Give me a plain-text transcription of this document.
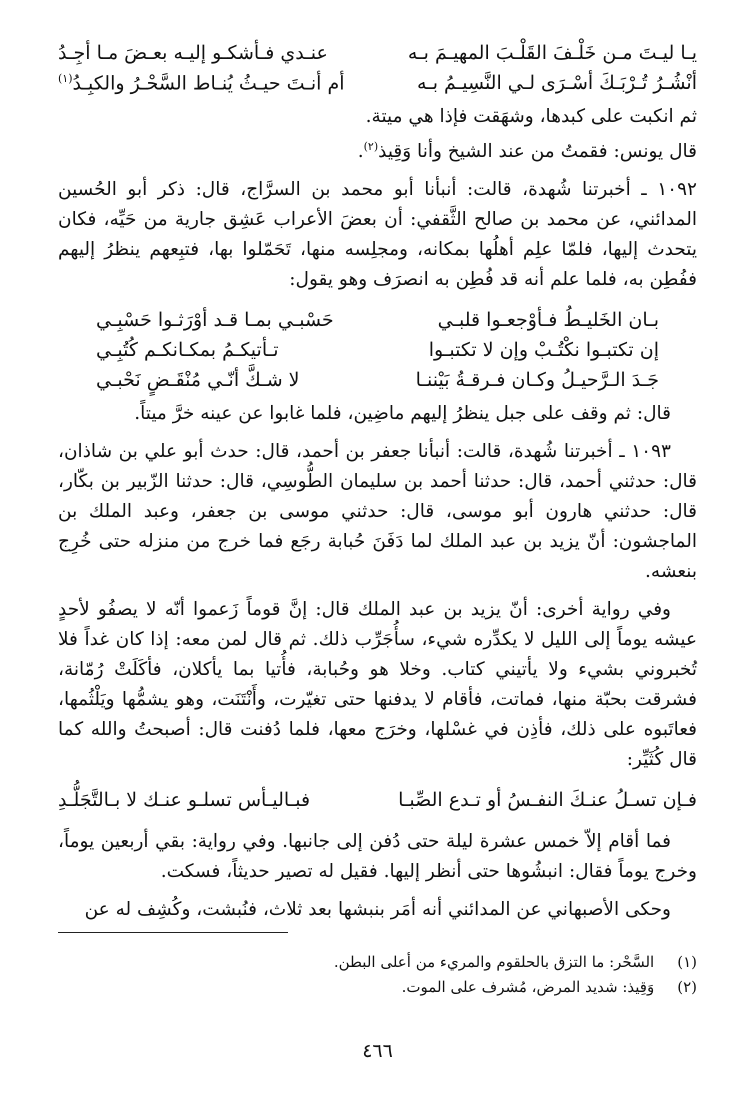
يـا ليـتَ مـن خَلْـفَ القَلْـبَ المهيـمَ بـه
عنـدي فـأشكـو إليـه بعـضَ مـا أجِـدُ
أنْشُـرُ تُـرْبَـكَ أسْـرَى لـي النَّسِيـمُ بـه
أم أنـتَ حيـثُ يُنـاط السَّحْـرُ والكبِـدُ$^{(١)}$

ثم انكبت على كبدها، وشهَقت فإذا هي ميتة.

قال يونس: فقمتُ من عند الشيخ وأنا وَقِيذ$^{(٢)}$.

١٠٩٢ ـ أخبرتنا شُهدة، قالت: أنبأنا أبو محمد بن السرَّاج، قال: ذكر أبو الحُسين المدائني، عن محمد بن صالح الثَّقفي: أن بعضَ الأعراب عَشِق جارية من حَيِّه، فكان يتحدث إليها، فلمّا علِم أهلُها بمكانه، ومجلِسه منها، تَحَمّلوا بها، فتبِعهم ينظرُ إليهم ففُطِن به، فلما علم أنه قد فُطِن به انصرَف وهو يقول:

بـان الخَليـطُ فـأوْجعـوا قلبـي
حَسْبـي بمـا قـد أوْرَثـوا حَسْبِـي
إن تكتبـوا نكْتُـبْ وإن لا تكتبـوا
تـأتيكـمُ بمكـانكـم كُتُبِـي
جَـدَ الـرَّحيـلُ وكـان فـرقـةُ بَيْننـا
لا شـكَّ أنّـي مُنْقَـضٍ نَحْبـي

قال: ثم وقف على جبل ينظرُ إليهم ماضِين، فلما غابوا عن عينه خرَّ ميتاً.

١٠٩٣ ـ أخبرتنا شُهدة، قالت: أنبأنا جعفر بن أحمد، قال: حدث أبو علي بن شاذان، قال: حدثني أحمد، قال: حدثنا أحمد بن سليمان الطُّوسِي، قال: حدثنا الزّبير بن بكّار، قال: حدثني هارون أبو موسى، قال: حدثني موسى بن جعفر، وعبد الملك بن الماجشون: أنّ يزيد بن عبد الملك لما دَفَنَ حُبابة رجَع فما خرج من منزله حتى خُرِج بنعشه.

وفي رواية أخرى: أنّ يزيد بن عبد الملك قال: إنَّ قوماً زَعموا أنّه لا يصفُو لأحدٍ عيشه يوماً إلى الليل لا يكدِّره شيء، سأُجَرِّب ذلك. ثم قال لمن معه: إذا كان غداً فلا تُخبروني بشيء ولا يأتيني كتاب. وخلا هو وحُبابة، فأُتيا بما يأكلان، فأكَلَتْ رُمّانة، فشرقت بحبّة منها، فماتت، فأقام لا يدفنها حتى تغيّرت، وأَنْتَنَت، وهو يشمُّها ويَلْثُمها، فعاتَبوه على ذلك، فأذِن في غسْلها، وخرَج معها، فلما دُفنت قال: أصبحتُ والله كما قال كُثَيِّر:

فـإن تسـلُ عنـكَ النفـسُ أو تـدع الصِّبـا
فبـاليـأس تسلـو عنـك لا بـالتَّجَلُّـدِ

فما أقام إلاّ خمس عشرة ليلة حتى دُفن إلى جانبها. وفي رواية: بقي أربعين يوماً، وخرج يوماً فقال: انبشُوها حتى أنظر إليها. فقيل له تصير حديثاً، فسكت.

وحكى الأصبهاني عن المدائني أنه أمَر بنبشها بعد ثلاث، فنُبشت، وكُشِف له عن

(١) السَّحْر: ما التزق بالحلقوم والمريء من أعلى البطن.
(٢) وَقِيذ: شديد المرض، مُشرف على الموت.
٤٦٦
